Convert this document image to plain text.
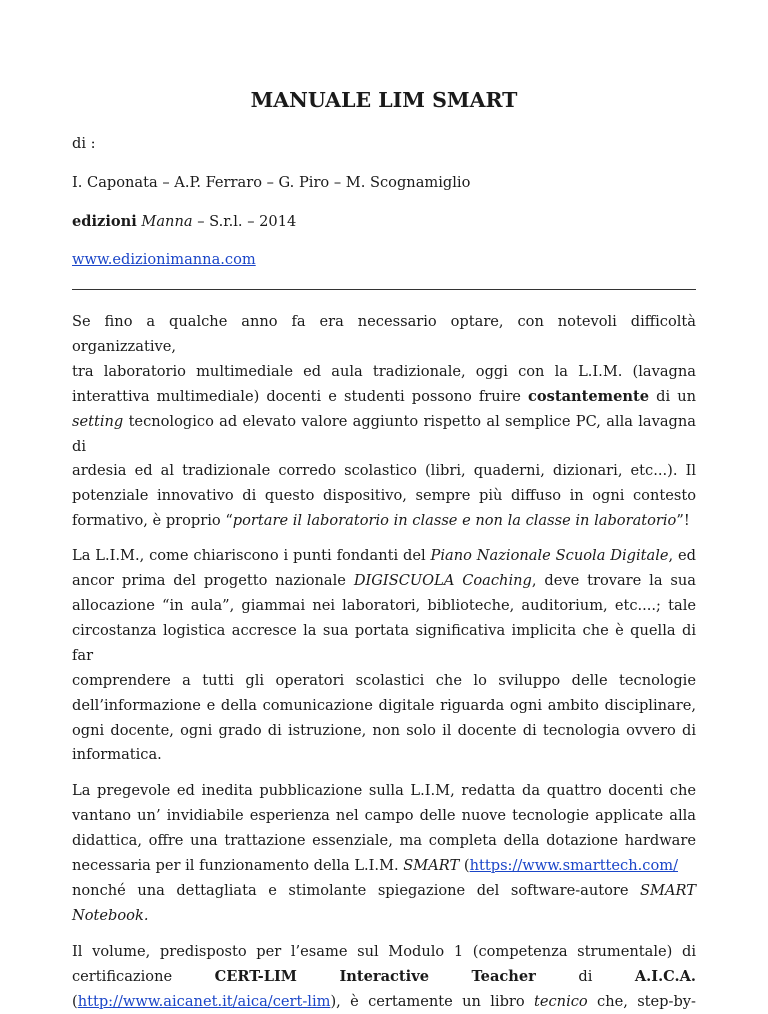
MANUALE LIM SMART
di :
I. Caponata – A.P. Ferraro – G. Piro – M. Scognamiglio
edizioni Manna – S.r.l. – 2014
www.edizionimanna.com
Se fino a qualche anno fa era necessario optare, con notevoli difficoltà organizzative,
tra laboratorio multimediale ed aula tradizionale, oggi con la L.I.M. (lavagna
interattiva multimediale) docenti e studenti possono fruire costantemente di un
setting tecnologico ad elevato valore aggiunto rispetto al semplice PC, alla lavagna di
ardesia ed al tradizionale corredo scolastico (libri, quaderni, dizionari, etc...). Il
potenziale innovativo di questo dispositivo, sempre più diffuso in ogni contesto
formativo, è proprio “portare il laboratorio in classe e non la classe in laboratorio”!
La L.I.M., come chiariscono i punti fondanti del Piano Nazionale Scuola Digitale, ed
ancor prima del progetto nazionale DIGISCUOLA Coaching, deve trovare la sua
allocazione “in aula”, giammai nei laboratori, biblioteche, auditorium, etc....; tale
circostanza logistica accresce la sua portata significativa implicita che è quella di far
comprendere a tutti gli operatori scolastici che lo sviluppo delle tecnologie
dell’informazione e della comunicazione digitale riguarda ogni ambito disciplinare,
ogni docente, ogni grado di istruzione, non solo il docente di tecnologia ovvero di
informatica.
La pregevole ed inedita pubblicazione sulla L.I.M, redatta da quattro docenti che
vantano un’ invidiabile esperienza nel campo delle nuove tecnologie applicate alla
didattica, offre una trattazione essenziale, ma completa della dotazione hardware
necessaria per il funzionamento della L.I.M. SMART (https://www.smarttech.com/
nonché una dettagliata e stimolante spiegazione del software-autore SMART
Notebook.
Il volume, predisposto per l’esame sul Modulo 1 (competenza strumentale) di
certificazione	CERT-LIM	Interactive	Teacher	di	A.I.C.A.
(http://www.aicanet.it/aica/cert-lim), è certamente un libro tecnico che, step-by-
